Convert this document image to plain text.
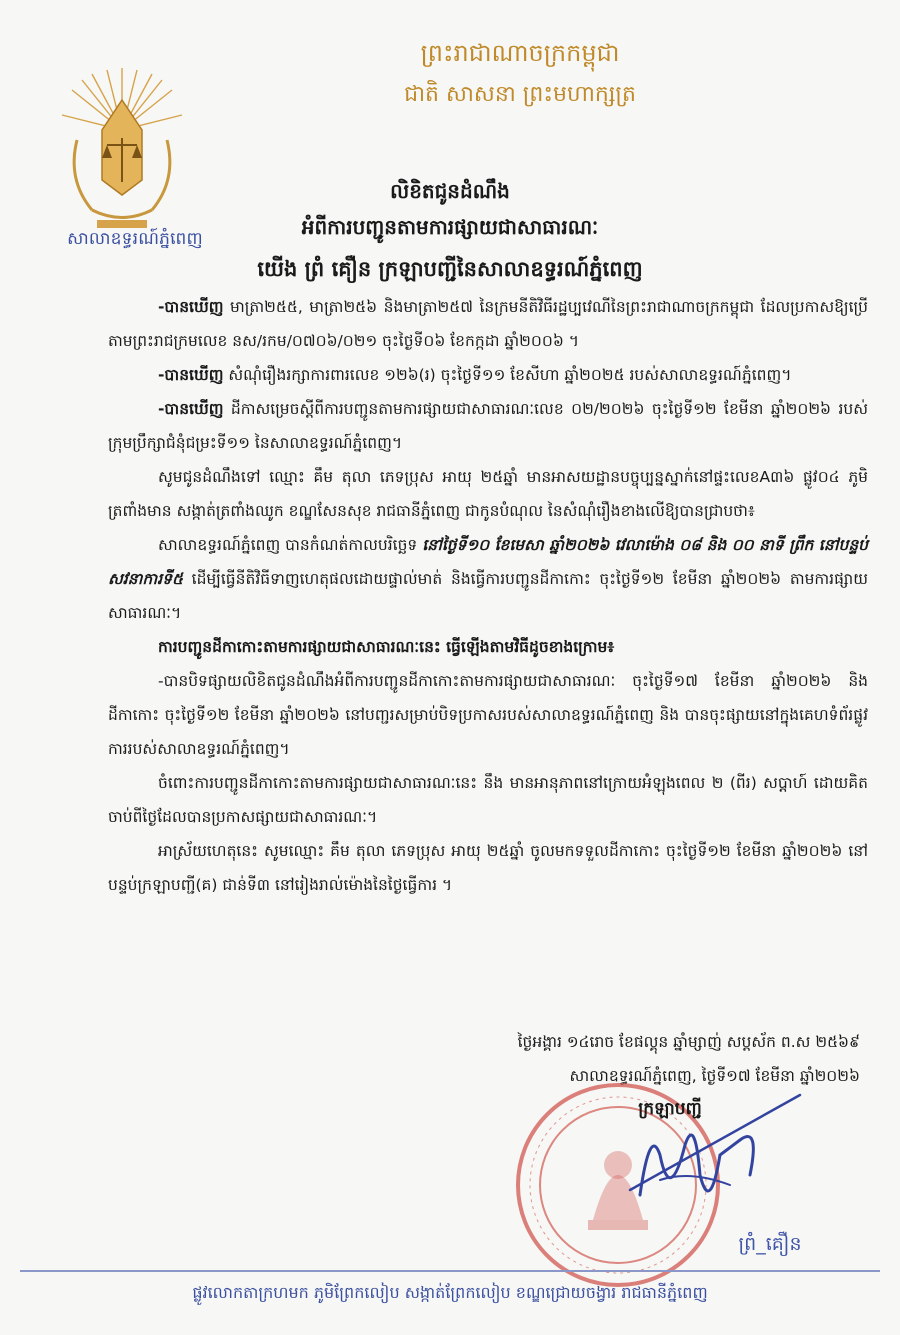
សាលាឧទ្ធរណ៍ភ្នំពេញ
ព្រះរាជាណាចក្រកម្ពុជា
ជាតិ សាសនា ព្រះមហាក្សត្រ
លិខិតជូនដំណឹង
អំពីការបញ្ជូនតាមការផ្សាយជាសាធារណៈ
យើង ព្រំ គឿន ក្រឡាបញ្ជីនៃសាលាឧទ្ធរណ៍ភ្នំពេញ

-បានឃើញ មាត្រា២៥៥, មាត្រា២៥៦ និងមាត្រា២៥៧ នៃក្រមនីតិវិធីរដ្ឋប្បវេណីនៃព្រះរាជាណាចក្រកម្ពុជា ដែលប្រកាសឱ្យប្រើតាមព្រះរាជក្រមលេខ នស/រកម/០៧០៦/០២១ ចុះថ្ងៃទី០៦ ខែកក្កដា ឆ្នាំ២០០៦ ។

-បានឃើញ សំណុំរឿងរក្សាការពារលេខ ១២៦(រ) ចុះថ្ងៃទី១១ ខែសីហា ឆ្នាំ២០២៥ របស់សាលាឧទ្ធរណ៍ភ្នំពេញ។

-បានឃើញ ដីកាសម្រេចស្តីពីការបញ្ជូនតាមការផ្សាយជាសាធារណៈលេខ ០២/២០២៦ ចុះថ្ងៃទី១២ ខែមីនា ឆ្នាំ២០២៦ របស់ក្រុមប្រឹក្សាជំនុំជម្រះទី១១ នៃសាលាឧទ្ធរណ៍ភ្នំពេញ។

សូមជូនដំណឹងទៅ ឈ្មោះ គឹម តុលា ភេទប្រុស អាយុ ២៥ឆ្នាំ មានអាសយដ្ឋានបច្ចុប្បន្នស្នាក់នៅផ្ទះលេខA៣៦ ផ្លូវ០៤ ភូមិត្រពាំងមាន សង្កាត់ត្រពាំងឈូក ខណ្ឌសែនសុខ រាជធានីភ្នំពេញ ជាកូនបំណុល នៃសំណុំរឿងខាងលើឱ្យបានជ្រាបថា៖

សាលាឧទ្ធរណ៍ភ្នំពេញ បានកំណត់កាលបរិច្ឆេទ នៅថ្ងៃទី១០ ខែមេសា ឆ្នាំ២០២៦ វេលាម៉ោង ០៨ និង ០០ នាទី ព្រឹក នៅបន្ទប់សវនាការទី៥ ដើម្បីធ្វើនីតិវិធីទាញហេតុផលដោយផ្ទាល់មាត់ និងធ្វើការបញ្ជូនដីកាកោះ ចុះថ្ងៃទី១២ ខែមីនា ឆ្នាំ២០២៦ តាមការផ្សាយសាធារណៈ។

ការបញ្ជូនដីកាកោះតាមការផ្សាយជាសាធារណៈនេះ ធ្វើឡើងតាមវិធីដូចខាងក្រោម៖

-បានបិទផ្សាយលិខិតជូនដំណឹងអំពីការបញ្ជូនដីកាកោះតាមការផ្សាយជាសាធារណៈ ចុះថ្ងៃទី១៧ ខែមីនា ឆ្នាំ២០២៦ និងដីកាកោះ ចុះថ្ងៃទី១២ ខែមីនា ឆ្នាំ២០២៦ នៅបញ្ជរសម្រាប់បិទប្រកាសរបស់សាលាឧទ្ធរណ៍ភ្នំពេញ និង បានចុះផ្សាយនៅក្នុងគេហទំព័រផ្លូវការរបស់សាលាឧទ្ធរណ៍ភ្នំពេញ។

ចំពោះការបញ្ជូនដីកាកោះតាមការផ្សាយជាសាធារណៈនេះ នឹង មានអានុភាពនៅក្រោយអំឡុងពេល ២ (ពីរ) សប្តាហ៍ ដោយគិតចាប់ពីថ្ងៃដែលបានប្រកាសផ្សាយជាសាធារណៈ។

អាស្រ័យហេតុនេះ សូមឈ្មោះ គឹម តុលា ភេទប្រុស អាយុ ២៥ឆ្នាំ ចូលមកទទួលដីកាកោះ ចុះថ្ងៃទី១២ ខែមីនា ឆ្នាំ២០២៦ នៅបន្ទប់ក្រឡាបញ្ជី(គ) ជាន់ទី៣ នៅរៀងរាល់ម៉ោងនៃថ្ងៃធ្វើការ ។

ថ្ងៃអង្គារ ១៤រោច ខែផល្គុន ឆ្នាំម្សាញ់ សប្តស័ក ព.ស ២៥៦៩
សាលាឧទ្ធរណ៍ភ្នំពេញ, ថ្ងៃទី១៧ ខែមីនា ឆ្នាំ២០២៦
ក្រឡាបញ្ជី
ព្រំ_គឿន
ផ្លូវលោកតាក្រហមក ភូមិព្រែកលៀប សង្កាត់ព្រែកលៀប ខណ្ឌជ្រោយចង្វារ រាជធានីភ្នំពេញ
